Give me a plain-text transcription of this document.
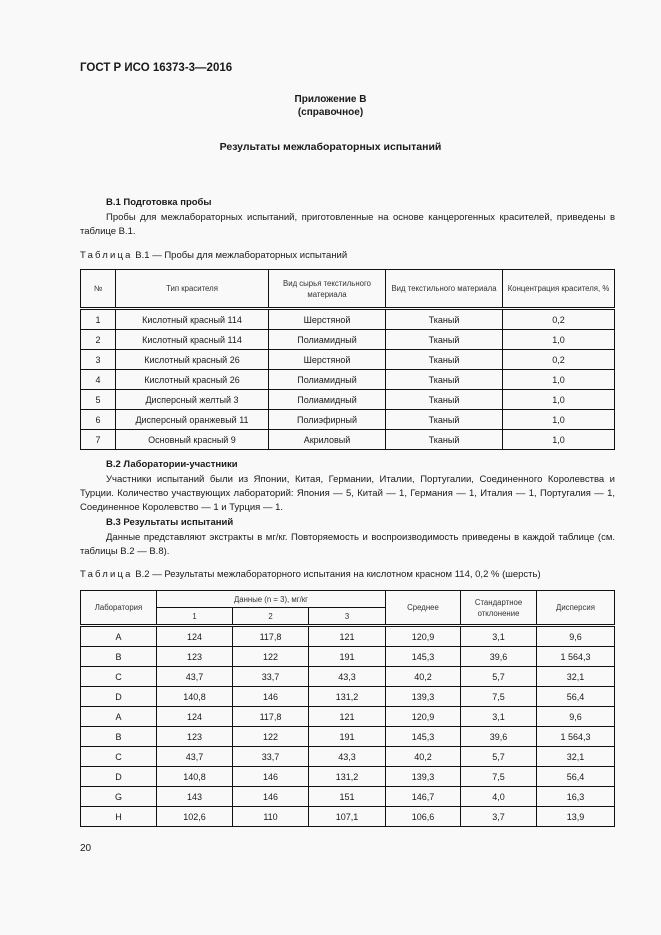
ГОСТ Р ИСО 16373-3—2016
Приложение В
(справочное)
Результаты межлабораторных испытаний
В.1 Подготовка пробы
Пробы для межлабораторных испытаний, приготовленные на основе канцерогенных красителей, приведены в таблице В.1.
Таблица В.1 — Пробы для межлабораторных испытаний
№	Тип красителя	Вид сырья текстильного материала	Вид текстильного материала	Концентрация красителя, %
1	Кислотный красный 114	Шерстяной	Тканый	0,2
2	Кислотный красный 114	Полиамидный	Тканый	1,0
3	Кислотный красный 26	Шерстяной	Тканый	0,2
4	Кислотный красный 26	Полиамидный	Тканый	1,0
5	Дисперсный желтый 3	Полиамидный	Тканый	1,0
6	Дисперсный оранжевый 11	Полиэфирный	Тканый	1,0
7	Основный красный 9	Акриловый	Тканый	1,0
В.2 Лаборатории-участники
Участники испытаний были из Японии, Китая, Германии, Италии, Португалии, Соединенного Королевства и Турции. Количество участвующих лабораторий: Япония — 5, Китай — 1, Германия — 1, Италия — 1, Португалия — 1, Соединенное Королевство — 1 и Турция — 1.
В.3 Результаты испытаний
Данные представляют экстракты в мг/кг. Повторяемость и воспроизводимость приведены в каждой таблице (см. таблицы В.2 — В.8).
Таблица В.2 — Результаты межлабораторного испытания на кислотном красном 114, 0,2 % (шерсть)
Лаборатория	Данные (n = 3), мг/кг			Среднее	Стандартное отклонение	Дисперсия
	1	2	3			
A	124	117,8	121	120,9	3,1	9,6
B	123	122	191	145,3	39,6	1 564,3
C	43,7	33,7	43,3	40,2	5,7	32,1
D	140,8	146	131,2	139,3	7,5	56,4
A	124	117,8	121	120,9	3,1	9,6
B	123	122	191	145,3	39,6	1 564,3
C	43,7	33,7	43,3	40,2	5,7	32,1
D	140,8	146	131,2	139,3	7,5	56,4
G	143	146	151	146,7	4,0	16,3
H	102,6	110	107,1	106,6	3,7	13,9
20
